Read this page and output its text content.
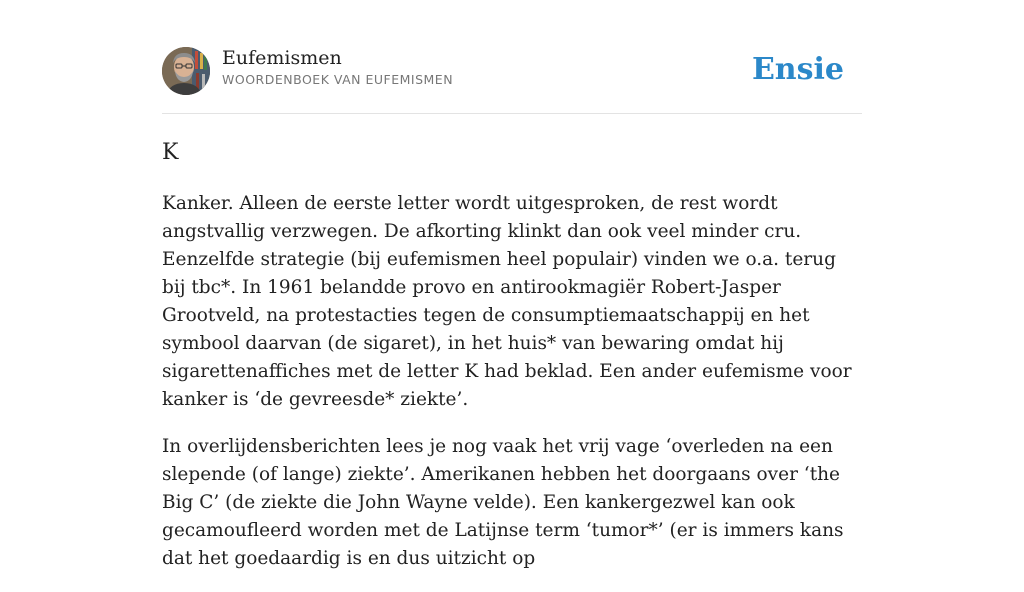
Eufemismen
WOORDENBOEK VAN EUFEMISMEN	Ensie
K

Kanker. Alleen de eerste letter wordt uitgesproken, de rest wordt angstvallig verzwegen. De afkorting klinkt dan ook veel minder cru. Eenzelfde strategie (bij eufemismen heel populair) vinden we o.a. terug bij tbc*. In 1961 belandde provo en antirookmagiër Robert-Jasper Grootveld, na protestacties tegen de consumptiemaatschappij en het symbool daarvan (de sigaret), in het huis* van bewaring omdat hij sigarettenaffiches met de letter K had beklad. Een ander eufemisme voor kanker is ‘de gevreesde* ziekte’.

In overlijdensberichten lees je nog vaak het vrij vage ‘overleden na een slepende (of lange) ziekte’. Amerikanen hebben het doorgaans over ‘the Big C’ (de ziekte die John Wayne velde). Een kankergezwel kan ook gecamoufleerd worden met de Latijnse term ‘tumor*’ (er is immers kans dat het goedaardig is en dus uitzicht op
